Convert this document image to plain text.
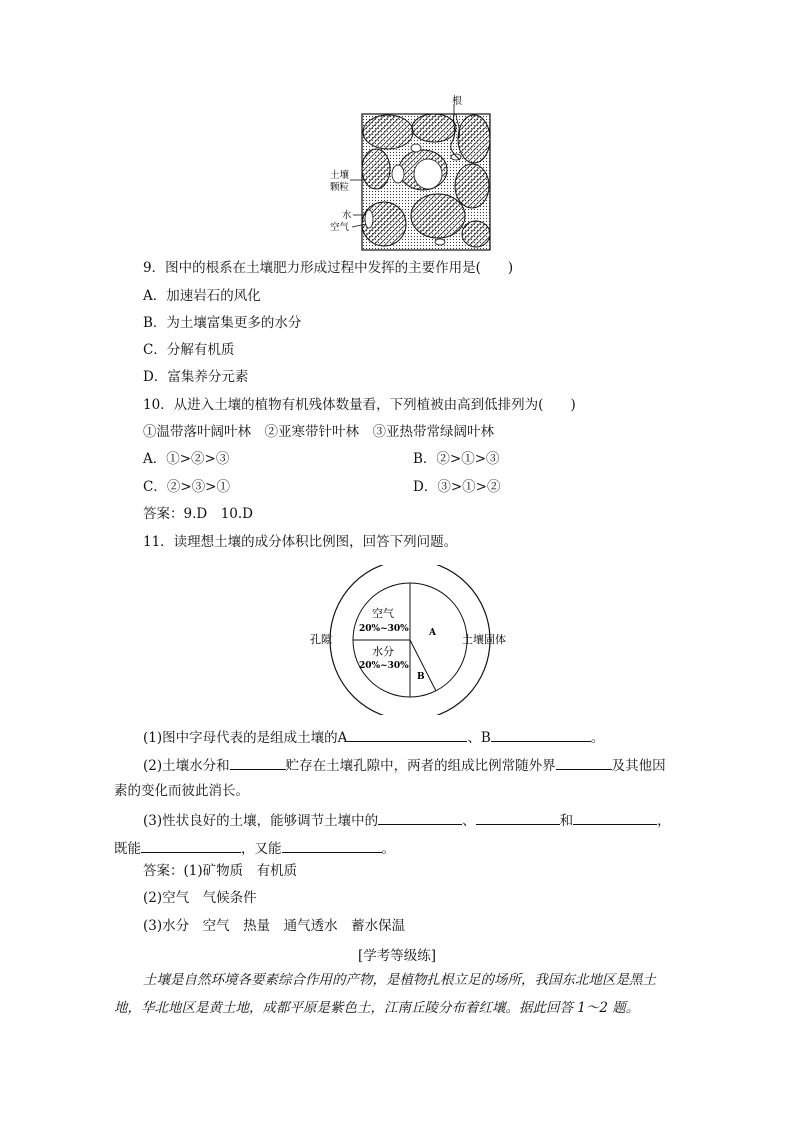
根
土壤
颗粒
水
空气
9．图中的根系在土壤肥力形成过程中发挥的主要作用是(　　)
A．加速岩石的风化
B．为土壤富集更多的水分
C．分解有机质
D．富集养分元素
10．从进入土壤的植物有机残体数量看，下列植被由高到低排列为(　　)
①温带落叶阔叶林　②亚寒带针叶林　③亚热带常绿阔叶林
A．①>②>③	B．②>①>③
C．②>③>①	D．③>①>②
答案：9.D　10.D
11．读理想土壤的成分体积比例图，回答下列问题。
孔隙	土壤固体
空气
20%~30%
水分
20%~30%
A
B
(1)图中字母代表的是组成土壤的A	、B	。
(2)土壤水分和	贮存在土壤孔隙中，两者的组成比例常随外界	及其他因
素的变化而彼此消长。
(3)性状良好的土壤，能够调节土壤中的	、	和	，
既能	，又能	。
答案：(1)矿物质　有机质
(2)空气　气候条件
(3)水分　空气　热量　通气透水　蓄水保温
[学考等级练]
土壤是自然环境各要素综合作用的产物，是植物扎根立足的场所，我国东北地区是黑土
地，华北地区是黄土地，成都平原是紫色土，江南丘陵分布着红壤。据此回答 1～2 题。
